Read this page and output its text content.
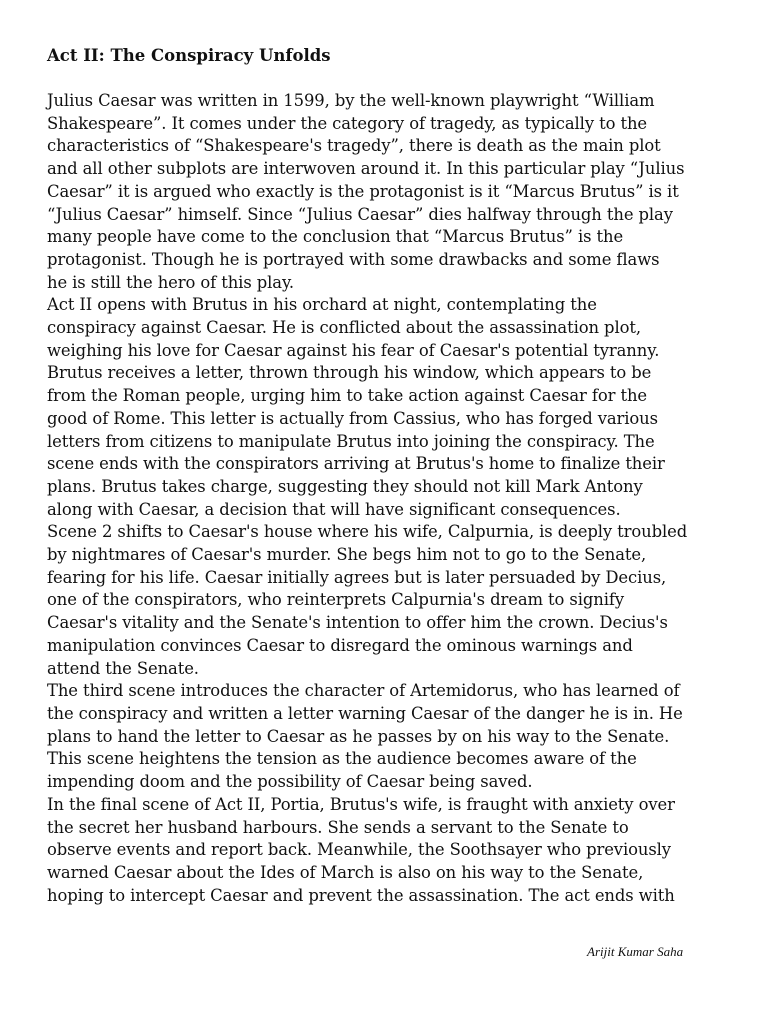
Act II: The Conspiracy Unfolds

Julius Caesar was written in 1599, by the well-known playwright “William
Shakespeare”. It comes under the category of tragedy, as typically to the
characteristics of “Shakespeare's tragedy”, there is death as the main plot
and all other subplots are interwoven around it. In this particular play “Julius
Caesar” it is argued who exactly is the protagonist is it “Marcus Brutus” is it
“Julius Caesar” himself. Since “Julius Caesar” dies halfway through the play
many people have come to the conclusion that “Marcus Brutus” is the
protagonist. Though he is portrayed with some drawbacks and some flaws
he is still the hero of this play.

Act II opens with Brutus in his orchard at night, contemplating the
conspiracy against Caesar. He is conflicted about the assassination plot,
weighing his love for Caesar against his fear of Caesar's potential tyranny.
Brutus receives a letter, thrown through his window, which appears to be
from the Roman people, urging him to take action against Caesar for the
good of Rome. This letter is actually from Cassius, who has forged various
letters from citizens to manipulate Brutus into joining the conspiracy. The
scene ends with the conspirators arriving at Brutus's home to finalize their
plans. Brutus takes charge, suggesting they should not kill Mark Antony
along with Caesar, a decision that will have significant consequences.

Scene 2 shifts to Caesar's house where his wife, Calpurnia, is deeply troubled
by nightmares of Caesar's murder. She begs him not to go to the Senate,
fearing for his life. Caesar initially agrees but is later persuaded by Decius,
one of the conspirators, who reinterprets Calpurnia's dream to signify
Caesar's vitality and the Senate's intention to offer him the crown. Decius's
manipulation convinces Caesar to disregard the ominous warnings and
attend the Senate.

The third scene introduces the character of Artemidorus, who has learned of
the conspiracy and written a letter warning Caesar of the danger he is in. He
plans to hand the letter to Caesar as he passes by on his way to the Senate.
This scene heightens the tension as the audience becomes aware of the
impending doom and the possibility of Caesar being saved.

In the final scene of Act II, Portia, Brutus's wife, is fraught with anxiety over
the secret her husband harbours. She sends a servant to the Senate to
observe events and report back. Meanwhile, the Soothsayer who previously
warned Caesar about the Ides of March is also on his way to the Senate,
hoping to intercept Caesar and prevent the assassination. The act ends with

Arijit Kumar Saha
